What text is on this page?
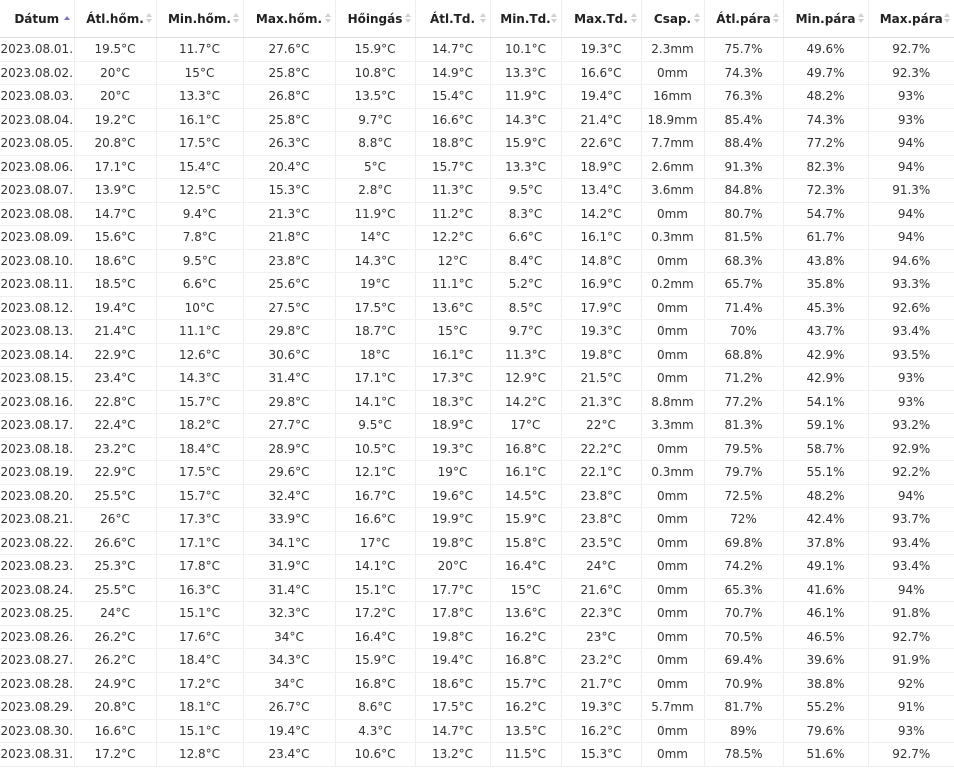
Dátum	Átl.hőm.	Min.hőm.	Max.hőm.	Hőingás	Átl.Td.	Min.Td.	Max.Td.	Csap.	Átl.pára	Min.pára	Max.pára

2023.08.01.	19.5°C	11.7°C	27.6°C	15.9°C	14.7°C	10.1°C	19.3°C	2.3mm	75.7%	49.6%	92.7%
2023.08.02.	20°C	15°C	25.8°C	10.8°C	14.9°C	13.3°C	16.6°C	0mm	74.3%	49.7%	92.3%
2023.08.03.	20°C	13.3°C	26.8°C	13.5°C	15.4°C	11.9°C	19.4°C	16mm	76.3%	48.2%	93%
2023.08.04.	19.2°C	16.1°C	25.8°C	9.7°C	16.6°C	14.3°C	21.4°C	18.9mm	85.4%	74.3%	93%
2023.08.05.	20.8°C	17.5°C	26.3°C	8.8°C	18.8°C	15.9°C	22.6°C	7.7mm	88.4%	77.2%	94%
2023.08.06.	17.1°C	15.4°C	20.4°C	5°C	15.7°C	13.3°C	18.9°C	2.6mm	91.3%	82.3%	94%
2023.08.07.	13.9°C	12.5°C	15.3°C	2.8°C	11.3°C	9.5°C	13.4°C	3.6mm	84.8%	72.3%	91.3%
2023.08.08.	14.7°C	9.4°C	21.3°C	11.9°C	11.2°C	8.3°C	14.2°C	0mm	80.7%	54.7%	94%
2023.08.09.	15.6°C	7.8°C	21.8°C	14°C	12.2°C	6.6°C	16.1°C	0.3mm	81.5%	61.7%	94%
2023.08.10.	18.6°C	9.5°C	23.8°C	14.3°C	12°C	8.4°C	14.8°C	0mm	68.3%	43.8%	94.6%
2023.08.11.	18.5°C	6.6°C	25.6°C	19°C	11.1°C	5.2°C	16.9°C	0.2mm	65.7%	35.8%	93.3%
2023.08.12.	19.4°C	10°C	27.5°C	17.5°C	13.6°C	8.5°C	17.9°C	0mm	71.4%	45.3%	92.6%
2023.08.13.	21.4°C	11.1°C	29.8°C	18.7°C	15°C	9.7°C	19.3°C	0mm	70%	43.7%	93.4%
2023.08.14.	22.9°C	12.6°C	30.6°C	18°C	16.1°C	11.3°C	19.8°C	0mm	68.8%	42.9%	93.5%
2023.08.15.	23.4°C	14.3°C	31.4°C	17.1°C	17.3°C	12.9°C	21.5°C	0mm	71.2%	42.9%	93%
2023.08.16.	22.8°C	15.7°C	29.8°C	14.1°C	18.3°C	14.2°C	21.3°C	8.8mm	77.2%	54.1%	93%
2023.08.17.	22.4°C	18.2°C	27.7°C	9.5°C	18.9°C	17°C	22°C	3.3mm	81.3%	59.1%	93.2%
2023.08.18.	23.2°C	18.4°C	28.9°C	10.5°C	19.3°C	16.8°C	22.2°C	0mm	79.5%	58.7%	92.9%
2023.08.19.	22.9°C	17.5°C	29.6°C	12.1°C	19°C	16.1°C	22.1°C	0.3mm	79.7%	55.1%	92.2%
2023.08.20.	25.5°C	15.7°C	32.4°C	16.7°C	19.6°C	14.5°C	23.8°C	0mm	72.5%	48.2%	94%
2023.08.21.	26°C	17.3°C	33.9°C	16.6°C	19.9°C	15.9°C	23.8°C	0mm	72%	42.4%	93.7%
2023.08.22.	26.6°C	17.1°C	34.1°C	17°C	19.8°C	15.8°C	23.5°C	0mm	69.8%	37.8%	93.4%
2023.08.23.	25.3°C	17.8°C	31.9°C	14.1°C	20°C	16.4°C	24°C	0mm	74.2%	49.1%	93.4%
2023.08.24.	25.5°C	16.3°C	31.4°C	15.1°C	17.7°C	15°C	21.6°C	0mm	65.3%	41.6%	94%
2023.08.25.	24°C	15.1°C	32.3°C	17.2°C	17.8°C	13.6°C	22.3°C	0mm	70.7%	46.1%	91.8%
2023.08.26.	26.2°C	17.6°C	34°C	16.4°C	19.8°C	16.2°C	23°C	0mm	70.5%	46.5%	92.7%
2023.08.27.	26.2°C	18.4°C	34.3°C	15.9°C	19.4°C	16.8°C	23.2°C	0mm	69.4%	39.6%	91.9%
2023.08.28.	24.9°C	17.2°C	34°C	16.8°C	18.6°C	15.7°C	21.7°C	0mm	70.9%	38.8%	92%
2023.08.29.	20.8°C	18.1°C	26.7°C	8.6°C	17.5°C	16.2°C	19.3°C	5.7mm	81.7%	55.2%	91%
2023.08.30.	16.6°C	15.1°C	19.4°C	4.3°C	14.7°C	13.5°C	16.2°C	0mm	89%	79.6%	93%
2023.08.31.	17.2°C	12.8°C	23.4°C	10.6°C	13.2°C	11.5°C	15.3°C	0mm	78.5%	51.6%	92.7%
